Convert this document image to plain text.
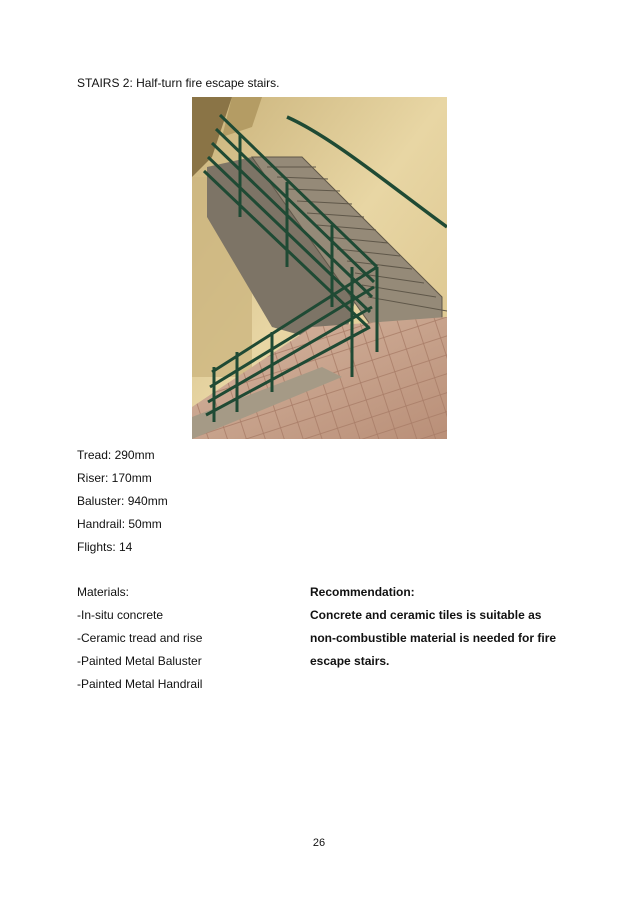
STAIRS 2: Half-turn fire escape stairs.
Tread: 290mm
Riser: 170mm
Baluster: 940mm
Handrail: 50mm
Flights: 14
Materials:
-In-situ concrete
-Ceramic tread and rise
-Painted Metal Baluster
-Painted Metal Handrail
Recommendation:
Concrete and ceramic tiles is suitable as
non-combustible material is needed for fire
escape stairs.
26
